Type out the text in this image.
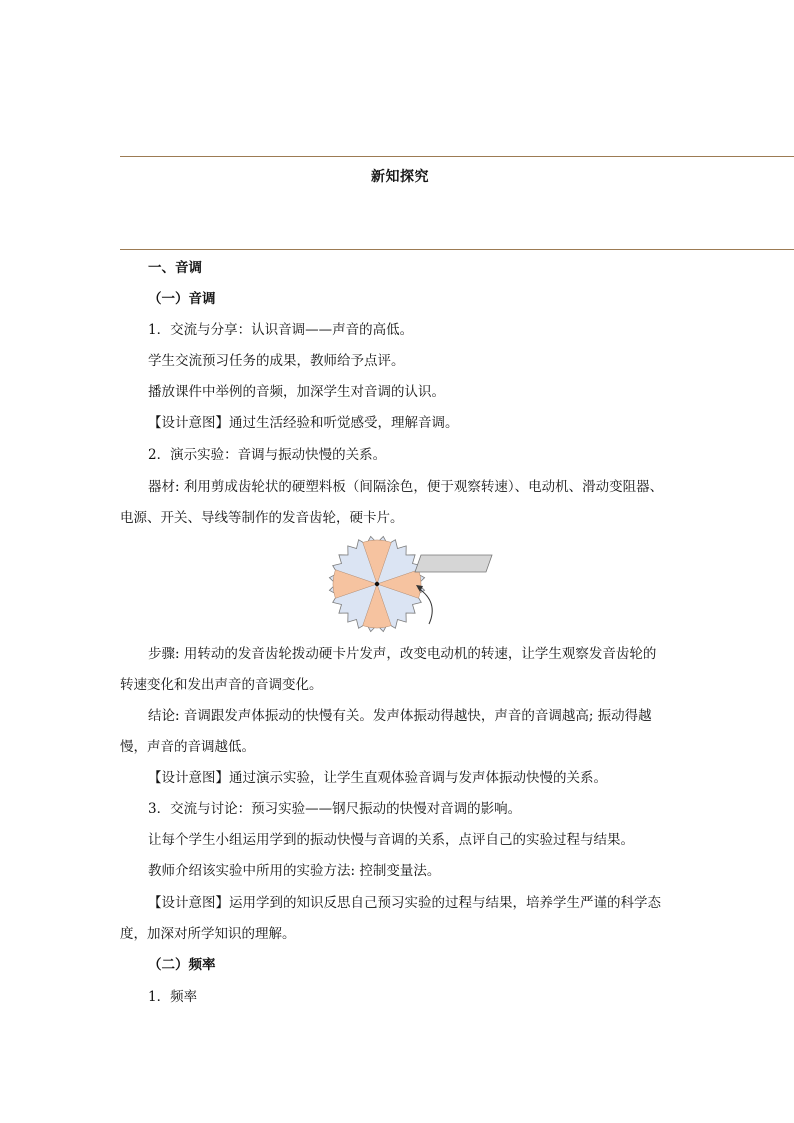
新知探究
一、音调
（一）音调
1．交流与分享：认识音调——声音的高低。
学生交流预习任务的成果，教师给予点评。
播放课件中举例的音频，加深学生对音调的认识。
【设计意图】通过生活经验和听觉感受，理解音调。
2．演示实验：音调与振动快慢的关系。
器材: 利用剪成齿轮状的硬塑料板（间隔涂色，便于观察转速）、电动机、滑动变阻器、
电源、开关、导线等制作的发音齿轮，硬卡片。
步骤: 用转动的发音齿轮拨动硬卡片发声，改变电动机的转速，让学生观察发音齿轮的
转速变化和发出声音的音调变化。
结论: 音调跟发声体振动的快慢有关。发声体振动得越快，声音的音调越高; 振动得越
慢，声音的音调越低。
【设计意图】通过演示实验，让学生直观体验音调与发声体振动快慢的关系。
3．交流与讨论：预习实验——钢尺振动的快慢对音调的影响。
让每个学生小组运用学到的振动快慢与音调的关系，点评自己的实验过程与结果。
教师介绍该实验中所用的实验方法: 控制变量法。
【设计意图】运用学到的知识反思自己预习实验的过程与结果，培养学生严谨的科学态
度，加深对所学知识的理解。
（二）频率
1．频率
